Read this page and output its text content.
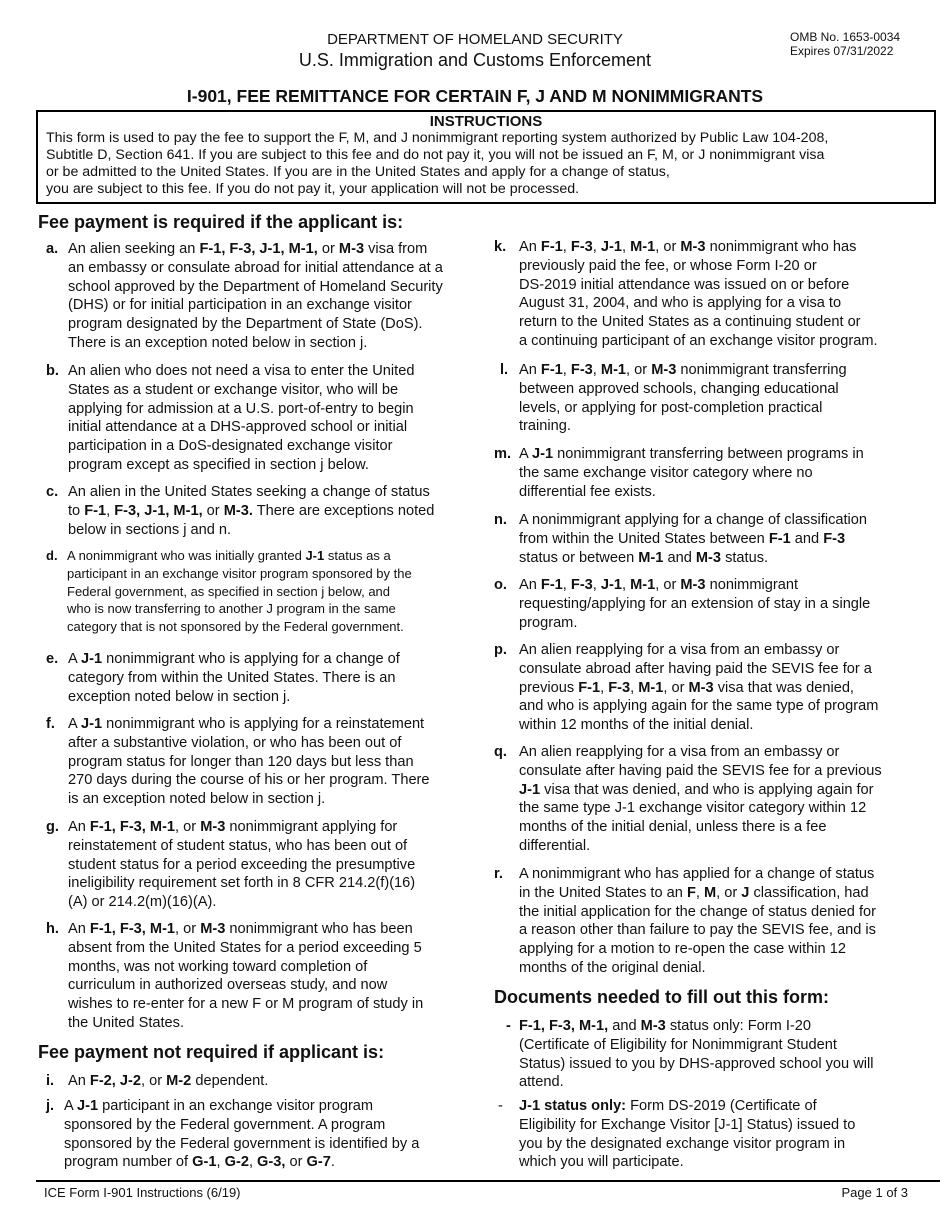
DEPARTMENT OF HOMELAND SECURITY
U.S. Immigration and Customs Enforcement
OMB No. 1653-0034
Expires 07/31/2022
I-901, FEE REMITTANCE FOR CERTAIN F, J AND M NONIMMIGRANTS
INSTRUCTIONS
This form is used to pay the fee to support the F, M, and J nonimmigrant reporting system authorized by Public Law 104-208,
Subtitle D, Section 641. If you are subject to this fee and do not pay it, you will not be issued an F, M, or J nonimmigrant visa
or be admitted to the United States. If you are in the United States and apply for a change of status,
you are subject to this fee. If you do not pay it, your application will not be processed.
Fee payment is required if the applicant is:
a. An alien seeking an F-1, F-3, J-1, M-1, or M-3 visa from
an embassy or consulate abroad for initial attendance at a
school approved by the Department of Homeland Security
(DHS) or for initial participation in an exchange visitor
program designated by the Department of State (DoS).
There is an exception noted below in section j.
b. An alien who does not need a visa to enter the United
States as a student or exchange visitor, who will be
applying for admission at a U.S. port-of-entry to begin
initial attendance at a DHS-approved school or initial
participation in a DoS-designated exchange visitor
program except as specified in section j below.
c. An alien in the United States seeking a change of status
to F-1, F-3, J-1, M-1, or M-3. There are exceptions noted
below in sections j and n.
d. A nonimmigrant who was initially granted J-1 status as a
participant in an exchange visitor program sponsored by the
Federal government, as specified in section j below, and
who is now transferring to another J program in the same
category that is not sponsored by the Federal government.
e. A J-1 nonimmigrant who is applying for a change of
category from within the United States. There is an
exception noted below in section j.
f. A J-1 nonimmigrant who is applying for a reinstatement
after a substantive violation, or who has been out of
program status for longer than 120 days but less than
270 days during the course of his or her program. There
is an exception noted below in section j.
g. An F-1, F-3, M-1, or M-3 nonimmigrant applying for
reinstatement of student status, who has been out of
student status for a period exceeding the presumptive
ineligibility requirement set forth in 8 CFR 214.2(f)(16)
(A) or 214.2(m)(16)(A).
h. An F-1, F-3, M-1, or M-3 nonimmigrant who has been
absent from the United States for a period exceeding 5
months, was not working toward completion of
curriculum in authorized overseas study, and now
wishes to re-enter for a new F or M program of study in
the United States.
Fee payment not required if applicant is:
i. An F-2, J-2, or M-2 dependent.
j. A J-1 participant in an exchange visitor program
sponsored by the Federal government. A program
sponsored by the Federal government is identified by a
program number of G-1, G-2, G-3, or G-7.
k. An F-1, F-3, J-1, M-1, or M-3 nonimmigrant who has
previously paid the fee, or whose Form I-20 or
DS-2019 initial attendance was issued on or before
August 31, 2004, and who is applying for a visa to
return to the United States as a continuing student or
a continuing participant of an exchange visitor program.
l. An F-1, F-3, M-1, or M-3 nonimmigrant transferring
between approved schools, changing educational
levels, or applying for post-completion practical
training.
m. A J-1 nonimmigrant transferring between programs in
the same exchange visitor category where no
differential fee exists.
n. A nonimmigrant applying for a change of classification
from within the United States between F-1 and F-3
status or between M-1 and M-3 status.
o. An F-1, F-3, J-1, M-1, or M-3 nonimmigrant
requesting/applying for an extension of stay in a single
program.
p. An alien reapplying for a visa from an embassy or
consulate abroad after having paid the SEVIS fee for a
previous F-1, F-3, M-1, or M-3 visa that was denied,
and who is applying again for the same type of program
within 12 months of the initial denial.
q. An alien reapplying for a visa from an embassy or
consulate after having paid the SEVIS fee for a previous
J-1 visa that was denied, and who is applying again for
the same type J-1 exchange visitor category within 12
months of the initial denial, unless there is a fee
differential.
r.	A nonimmigrant who has applied for a change of status
in the United States to an F, M, or J classification, had
the initial application for the change of status denied for
a reason other than failure to pay the SEVIS fee, and is
applying for a motion to re-open the case within 12
months of the original denial.
Documents needed to fill out this form:
- F-1, F-3, M-1, and M-3 status only: Form I-20
(Certificate of Eligibility for Nonimmigrant Student
Status) issued to you by DHS-approved school you will
attend.
-	J-1 status only: Form DS-2019 (Certificate of
Eligibility for Exchange Visitor [J-1] Status) issued to
you by the designated exchange visitor program in
which you will participate.
ICE Form I-901 Instructions (6/19)	Page 1 of 3
